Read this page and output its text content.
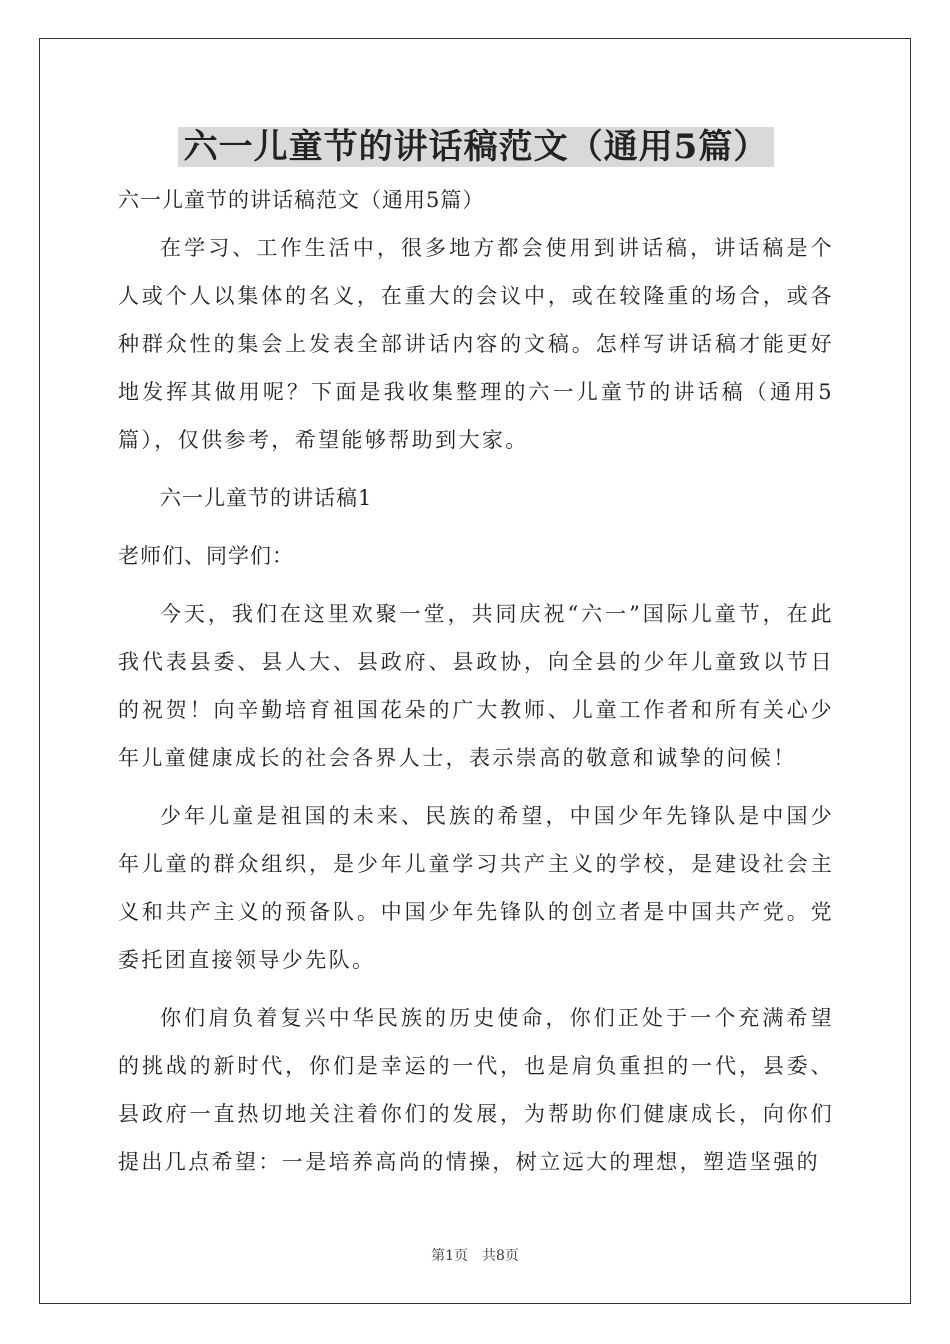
六一儿童节的讲话稿范文（通用5篇）

六一儿童节的讲话稿范文（通用5篇）

在学习、工作生活中，很多地方都会使用到讲话稿，讲话稿是个人或个人以集体的名义，在重大的会议中，或在较隆重的场合，或各种群众性的集会上发表全部讲话内容的文稿。怎样写讲话稿才能更好地发挥其做用呢？下面是我收集整理的六一儿童节的讲话稿（通用5篇），仅供参考，希望能够帮助到大家。

六一儿童节的讲话稿1

老师们、同学们：

今天，我们在这里欢聚一堂，共同庆祝“六一”国际儿童节，在此我代表县委、县人大、县政府、县政协，向全县的少年儿童致以节日的祝贺！向辛勤培育祖国花朵的广大教师、儿童工作者和所有关心少年儿童健康成长的社会各界人士，表示崇高的敬意和诚挚的问候！

少年儿童是祖国的未来、民族的希望，中国少年先锋队是中国少年儿童的群众组织，是少年儿童学习共产主义的学校，是建设社会主义和共产主义的预备队。中国少年先锋队的创立者是中国共产党。党委托团直接领导少先队。

你们肩负着复兴中华民族的历史使命，你们正处于一个充满希望的挑战的新时代，你们是幸运的一代，也是肩负重担的一代，县委、县政府一直热切地关注着你们的发展，为帮助你们健康成长，向你们提出几点希望：一是培养高尚的情操，树立远大的理想，塑造坚强的

第1页 共8页
